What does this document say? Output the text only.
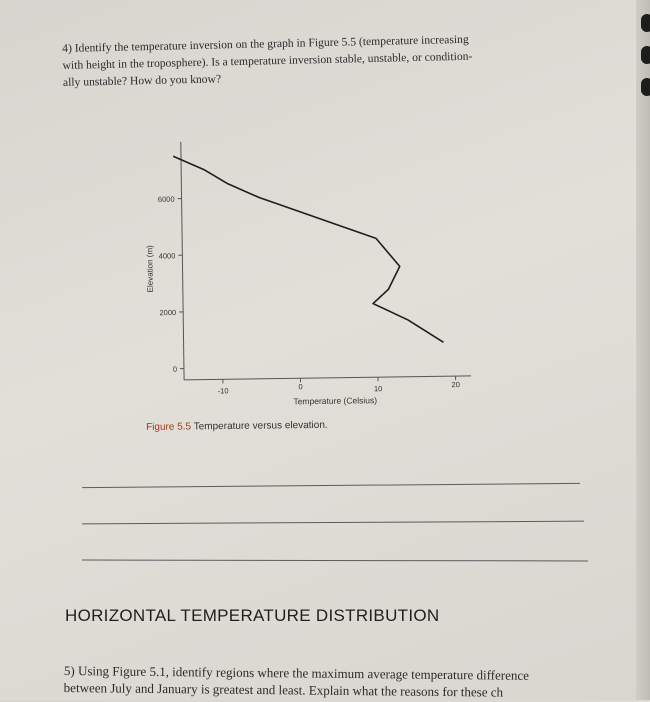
4) Identify the temperature inversion on the graph in Figure 5.5 (temperature increasing
with height in the troposphere). Is a temperature inversion stable, unstable, or condition-
ally unstable? How do you know?
0
2000
4000
6000
-10	0	10	20
Elevation (m)
Temperature (Celsius)
Figure 5.5 Temperature versus elevation.
HORIZONTAL TEMPERATURE DISTRIBUTION
5) Using Figure 5.1, identify regions where the maximum average temperature difference
between July and January is greatest and least. Explain what the reasons for these ch
